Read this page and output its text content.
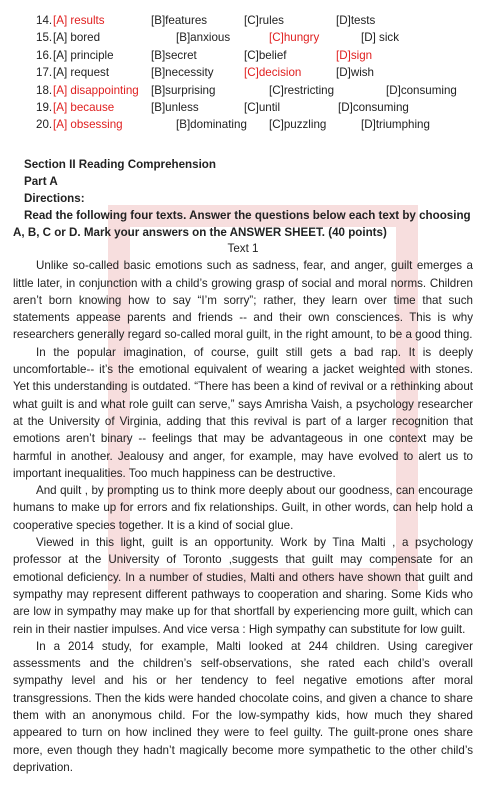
14. [A] results	[B]features	[C]rules	[D]tests
15. [A] bored	[B]anxious	[C]hungry	[D] sick
16. [A] principle	[B]secret	[C]belief	[D]sign
17. [A] request	[B]necessity	[C]decision	[D]wish
18. [A] disappointing [B]surprising	[C]restricting	[D]consuming
19. [A] because	[B]unless	[C]until	[D]consuming
20. [A] obsessing	[B]dominating [C]puzzling	[D]triumphing
Section II Reading Comprehension
Part A
Directions:
Read the following four texts. Answer the questions below each text by choosing A, B, C or D. Mark your answers on the ANSWER SHEET. (40 points)

Text 1

Unlike so-called basic emotions such as sadness, fear, and anger, guilt emerges a little later, in conjunction with a child’s growing grasp of social and moral norms. Children aren’t born knowing how to say “I’m sorry”; rather, they learn over time that such statements appease parents and friends -- and their own consciences. This is why researchers generally regard so-called moral guilt, in the right amount, to be a good thing.

In the popular imagination, of course, guilt still gets a bad rap. It is deeply uncomfortable-- it’s the emotional equivalent of wearing a jacket weighted with stones. Yet this understanding is outdated. “There has been a kind of revival or a rethinking about what guilt is and what role guilt can serve,” says Amrisha Vaish, a psychology researcher at the University of Virginia, adding that this revival is part of a larger recognition that emotions aren’t binary -- feelings that may be advantageous in one context may be harmful in another. Jealousy and anger, for example, may have evolved to alert us to important inequalities. Too much happiness can be destructive.

And quilt , by prompting us to think more deeply about our goodness, can encourage humans to make up for errors and fix relationships. Guilt, in other words, can help hold a cooperative species together. It is a kind of social glue.

Viewed in this light, guilt is an opportunity. Work by Tina Malti , a psychology professor at the University of Toronto ,suggests that guilt may compensate for an emotional deficiency. In a number of studies, Malti and others have shown that guilt and sympathy may represent different pathways to cooperation and sharing. Some Kids who are low in sympathy may make up for that shortfall by experiencing more guilt, which can rein in their nastier impulses. And vice versa : High sympathy can substitute for low guilt.

In a 2014 study, for example, Malti looked at 244 children. Using caregiver assessments and the children’s self-observations, she rated each child’s overall sympathy level and his or her tendency to feel negative emotions after moral transgressions. Then the kids were handed chocolate coins, and given a chance to share them with an anonymous child. For the low-sympathy kids, how much they shared appeared to turn on how inclined they were to feel guilty. The guilt-prone ones share more, even though they hadn’t magically become more sympathetic to the other child’s deprivation.
